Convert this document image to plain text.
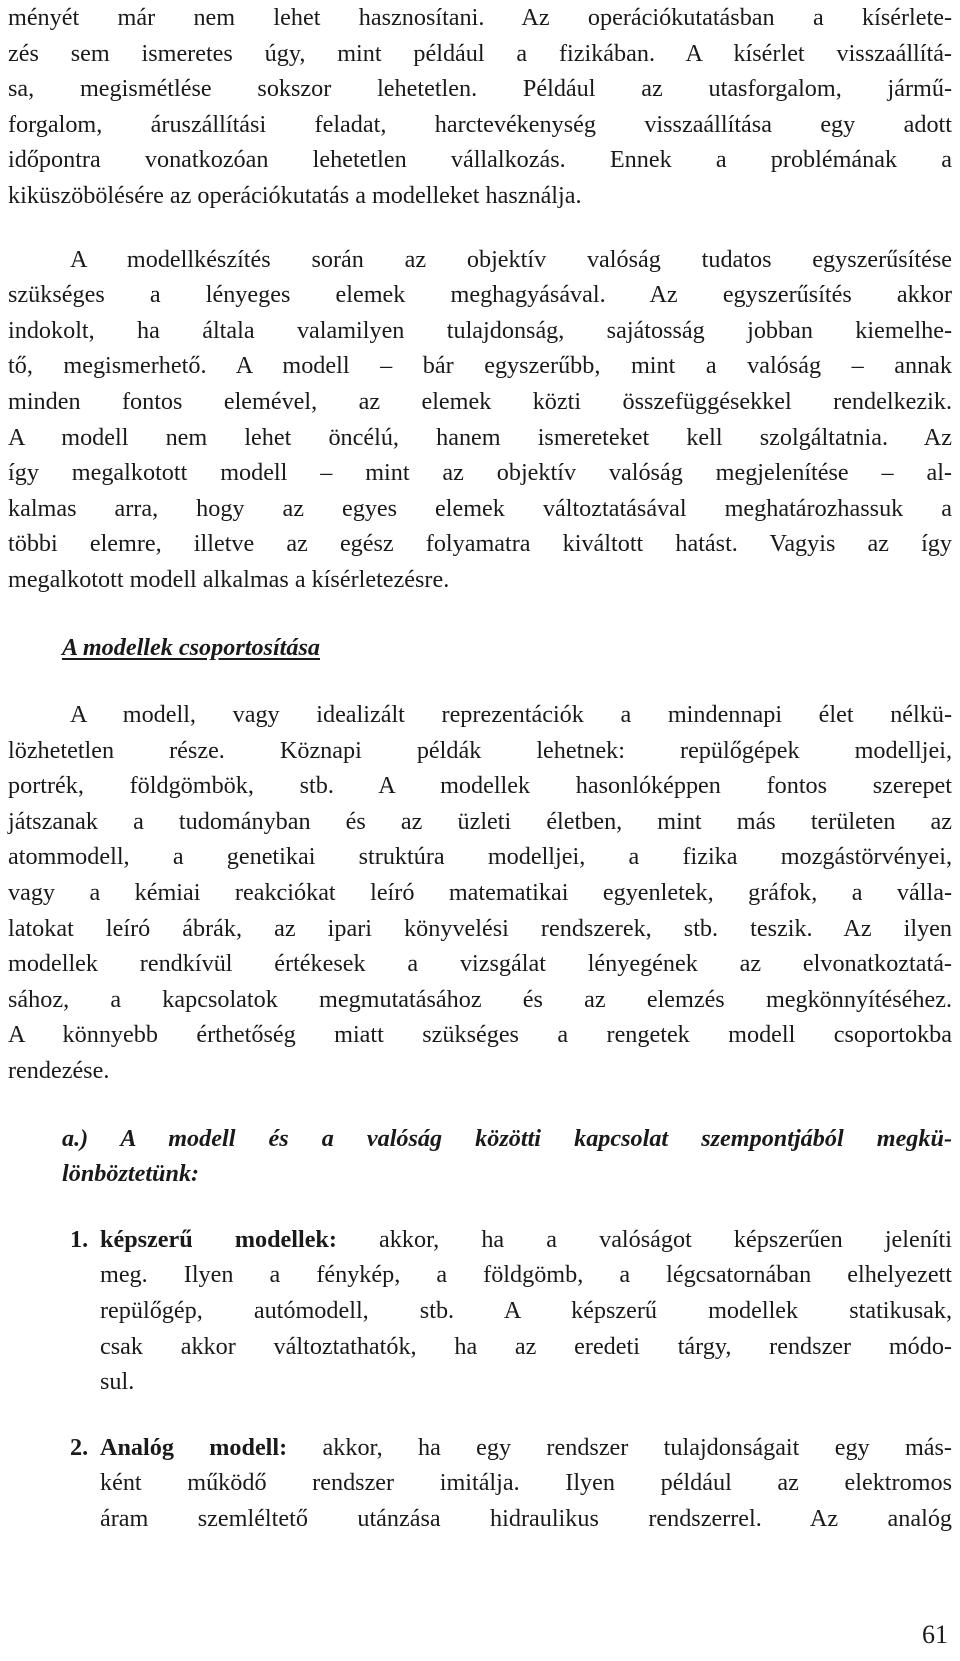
ményét már nem lehet hasznosítani. Az operációkutatásban a kísérlete-
zés sem ismeretes úgy, mint például a fizikában. A kísérlet visszaállítá-
sa, megismétlése sokszor lehetetlen. Például az utasforgalom, jármű-
forgalom, áruszállítási feladat, harctevékenység visszaállítása egy adott
időpontra vonatkozóan lehetetlen vállalkozás. Ennek a problémának a
kiküszöbölésére az operációkutatás a modelleket használja.
A modellkészítés során az objektív valóság tudatos egyszerűsítése
szükséges a lényeges elemek meghagyásával. Az egyszerűsítés akkor
indokolt, ha általa valamilyen tulajdonság, sajátosság jobban kiemelhe-
tő, megismerhető. A modell – bár egyszerűbb, mint a valóság – annak
minden fontos elemével, az elemek közti összefüggésekkel rendelkezik.
A modell nem lehet öncélú, hanem ismereteket kell szolgáltatnia. Az
így megalkotott modell – mint az objektív valóság megjelenítése – al-
kalmas arra, hogy az egyes elemek változtatásával meghatározhassuk a
többi elemre, illetve az egész folyamatra kiváltott hatást. Vagyis az így
megalkotott modell alkalmas a kísérletezésre.
A modellek csoportosítása
A modell, vagy idealizált reprezentációk a mindennapi élet nélkü-
lözhetetlen része. Köznapi példák lehetnek: repülőgépek modelljei,
portrék, földgömbök, stb. A modellek hasonlóképpen fontos szerepet
játszanak a tudományban és az üzleti életben, mint más területen az
atommodell, a genetikai struktúra modelljei, a fizika mozgástörvényei,
vagy a kémiai reakciókat leíró matematikai egyenletek, gráfok, a válla-
latokat leíró ábrák, az ipari könyvelési rendszerek, stb. teszik. Az ilyen
modellek rendkívül értékesek a vizsgálat lényegének az elvonatkoztatá-
sához, a kapcsolatok megmutatásához és az elemzés megkönnyítéséhez.
A könnyebb érthetőség miatt szükséges a rengetek modell csoportokba
rendezése.
a.) A modell és a valóság közötti kapcsolat szempontjából megkü-
lönböztetünk:
1. képszerű modellek: akkor, ha a valóságot képszerűen jeleníti
meg. Ilyen a fénykép, a földgömb, a légcsatornában elhelyezett
repülőgép, autómodell, stb. A képszerű modellek statikusak,
csak akkor változtathatók, ha az eredeti tárgy, rendszer módo-
sul.
2. Analóg modell: akkor, ha egy rendszer tulajdonságait egy más-
ként működő rendszer imitálja. Ilyen például az elektromos
áram szemléltető utánzása hidraulikus rendszerrel. Az analóg
61
